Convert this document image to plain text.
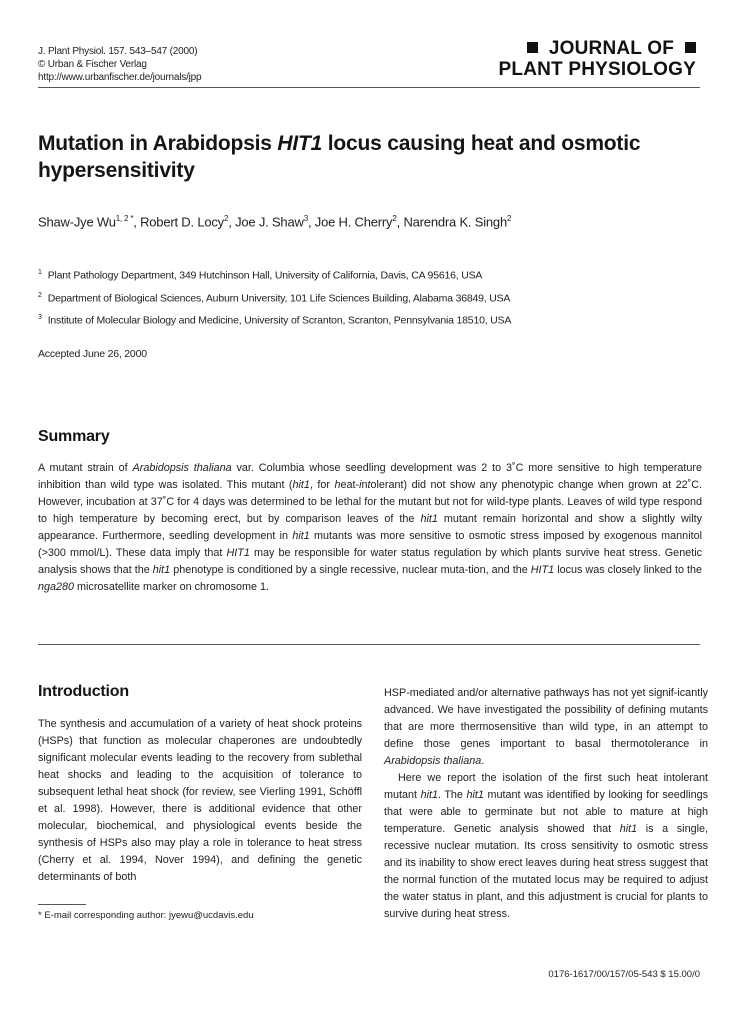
J. Plant Physiol. 157. 543–547 (2000)
© Urban & Fischer Verlag
http://www.urbanfischer.de/journals/jpp
JOURNAL OF
PLANT PHYSIOLOGY
Mutation in Arabidopsis HIT1 locus causing heat and osmotic hypersensitivity
Shaw-Jye $Wu^{1, 2 *}$, Robert D. Locy$^2$, Joe J. Shaw$^3$, Joe H. Cherry$^2$, Narendra K. Singh$^2$
$^1$ Plant Pathology Department, 349 Hutchinson Hall, University of California, Davis, CA 95616, USA
$^2$ Department of Biological Sciences, Auburn University, 101 Life Sciences Building, Alabama 36849, USA
$^3$ Institute of Molecular Biology and Medicine, University of Scranton, Scranton, Pennsylvania 18510, USA
Accepted June 26, 2000
Summary
A mutant strain of Arabidopsis thaliana var. Columbia whose seedling development was 2 to 3˚C more sensitive to high temperature inhibition than wild type was isolated. This mutant (hit1, for heat-intolerant) did not show any phenotypic change when grown at 22˚C. However, incubation at 37˚C for 4 days was determined to be lethal for the mutant but not for wild-type plants. Leaves of wild type respond to high temperature by becoming erect, but by comparison leaves of the hit1 mutant remain horizontal and show a slightly wilty appearance. Furthermore, seedling development in hit1 mutants was more sensitive to osmotic stress imposed by exogenous mannitol (>300 mmol/L). These data imply that HIT1 may be responsible for water status regulation by which plants survive heat stress. Genetic analysis shows that the hit1 phenotype is conditioned by a single recessive, nuclear muta-tion, and the HIT1 locus was closely linked to the nga280 microsatellite marker on chromosome 1.
Introduction
The synthesis and accumulation of a variety of heat shock proteins (HSPs) that function as molecular chaperones are undoubtedly significant molecular events leading to the recovery from sublethal heat shocks and leading to the acquisition of tolerance to subsequent lethal heat shock (for review, see Vierling 1991, Schöffl et al. 1998). However, there is additional evidence that other molecular, biochemical, and physiological events beside the synthesis of HSPs also may play a role in tolerance to heat stress (Cherry et al. 1994, Nover 1994), and defining the genetic determinants of both
HSP-mediated and/or alternative pathways has not yet signif-icantly advanced. We have investigated the possibility of defining mutants that are more thermosensitive than wild type, in an attempt to define those genes important to basal thermotolerance in Arabidopsis thaliana.
Here we report the isolation of the first such heat intolerant mutant hit1. The hit1 mutant was identified by looking for seedlings that were able to germinate but not able to mature at high temperature. Genetic analysis showed that hit1 is a single, recessive nuclear mutation. Its cross sensitivity to osmotic stress and its inability to show erect leaves during heat stress suggest that the normal function of the mutated locus may be required to adjust the water status in plant, and this adjustment is crucial for plants to survive during heat stress.
* E-mail corresponding author: jyewu@ucdavis.edu
0176-1617/00/157/05-543 $ 15.00/0
